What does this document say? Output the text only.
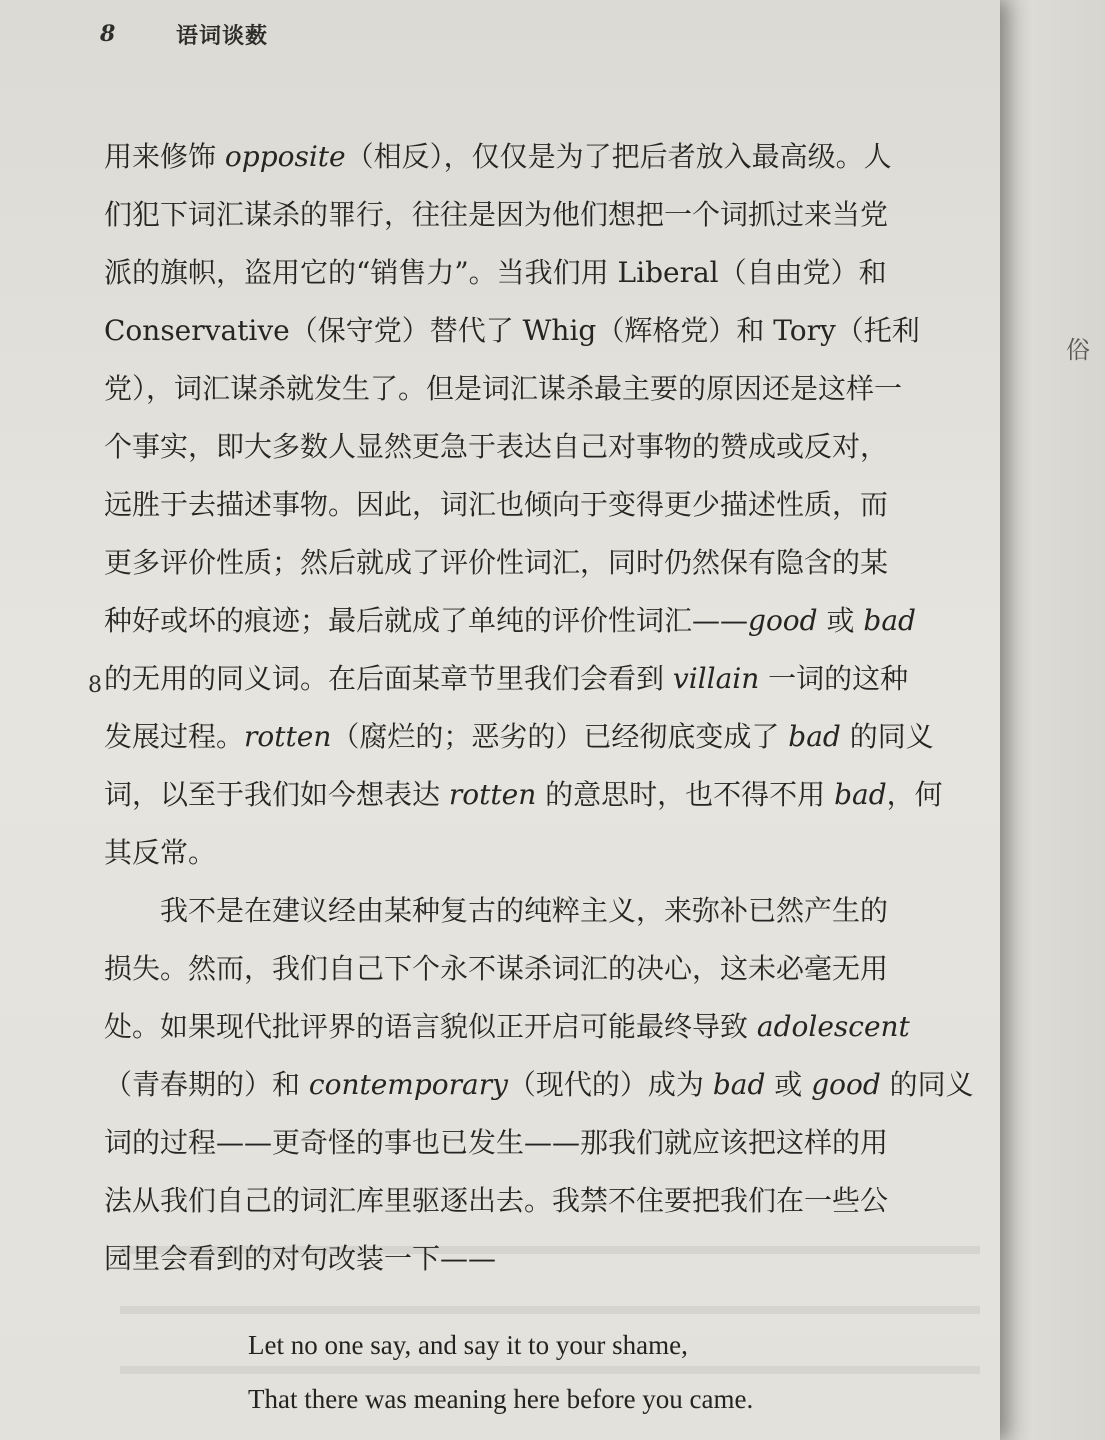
俗
8	语词谈薮
8
用来修饰 opposite（相反），仅仅是为了把后者放入最高级。人
们犯下词汇谋杀的罪行，往往是因为他们想把一个词抓过来当党
派的旗帜，盗用它的“销售力”。当我们用 Liberal（自由党）和
Conservative（保守党）替代了 Whig（辉格党）和 Tory（托利
党），词汇谋杀就发生了。但是词汇谋杀最主要的原因还是这样一
个事实，即大多数人显然更急于表达自己对事物的赞成或反对，
远胜于去描述事物。因此，词汇也倾向于变得更少描述性质，而
更多评价性质；然后就成了评价性词汇，同时仍然保有隐含的某
种好或坏的痕迹；最后就成了单纯的评价性词汇——good 或 bad
的无用的同义词。在后面某章节里我们会看到 villain 一词的这种
发展过程。rotten（腐烂的；恶劣的）已经彻底变成了 bad 的同义
词，以至于我们如今想表达 rotten 的意思时，也不得不用 bad，何
其反常。
　　我不是在建议经由某种复古的纯粹主义，来弥补已然产生的
损失。然而，我们自己下个永不谋杀词汇的决心，这未必毫无用
处。如果现代批评界的语言貌似正开启可能最终导致 adolescent
（青春期的）和 contemporary（现代的）成为 bad 或 good 的同义
词的过程——更奇怪的事也已发生——那我们就应该把这样的用
法从我们自己的词汇库里驱逐出去。我禁不住要把我们在一些公
园里会看到的对句改装一下——
Let no one say, and say it to your shame,
That there was meaning here before you came.
